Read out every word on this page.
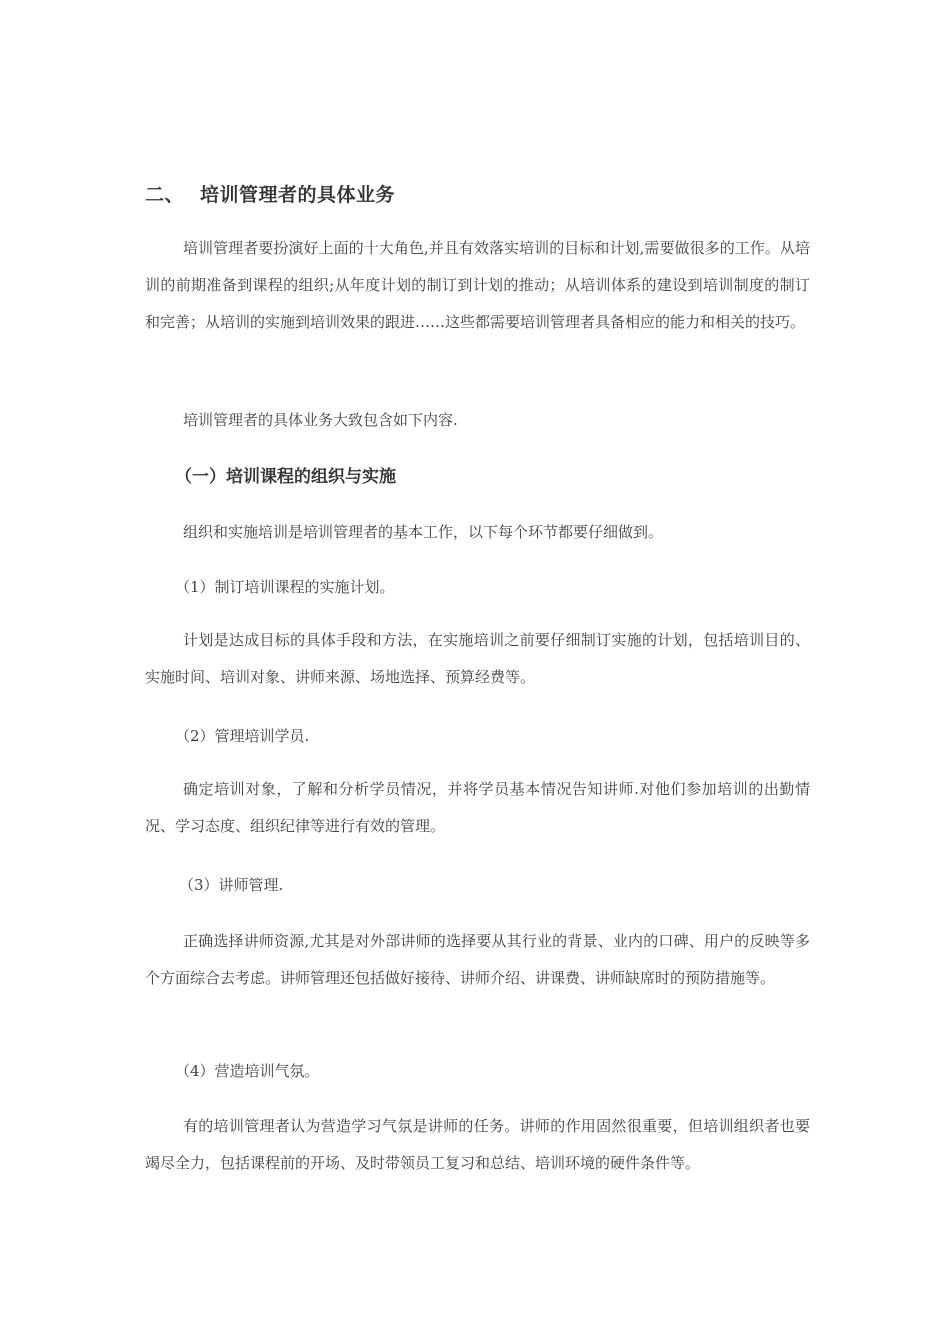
二、 培训管理者的具体业务
培训管理者要扮演好上面的十大角色,并且有效落实培训的目标和计划,需要做很多的工作。从培训的前期准备到课程的组织;从年度计划的制订到计划的推动；从培训体系的建设到培训制度的制订和完善；从培训的实施到培训效果的跟进……这些都需要培训管理者具备相应的能力和相关的技巧。
培训管理者的具体业务大致包含如下内容.
（一）培训课程的组织与实施
组织和实施培训是培训管理者的基本工作，以下每个环节都要仔细做到。
（1）制订培训课程的实施计划。
计划是达成目标的具体手段和方法，在实施培训之前要仔细制订实施的计划，包括培训目的、实施时间、培训对象、讲师来源、场地选择、预算经费等。
（2）管理培训学员.
确定培训对象，了解和分析学员情况，并将学员基本情况告知讲师.对他们参加培训的出勤情况、学习态度、组织纪律等进行有效的管理。
（3）讲师管理.
正确选择讲师资源,尤其是对外部讲师的选择要从其行业的背景、业内的口碑、用户的反映等多个方面综合去考虑。讲师管理还包括做好接待、讲师介绍、讲课费、讲师缺席时的预防措施等。
（4）营造培训气氛。
有的培训管理者认为营造学习气氛是讲师的任务。讲师的作用固然很重要，但培训组织者也要竭尽全力，包括课程前的开场、及时带领员工复习和总结、培训环境的硬件条件等。
